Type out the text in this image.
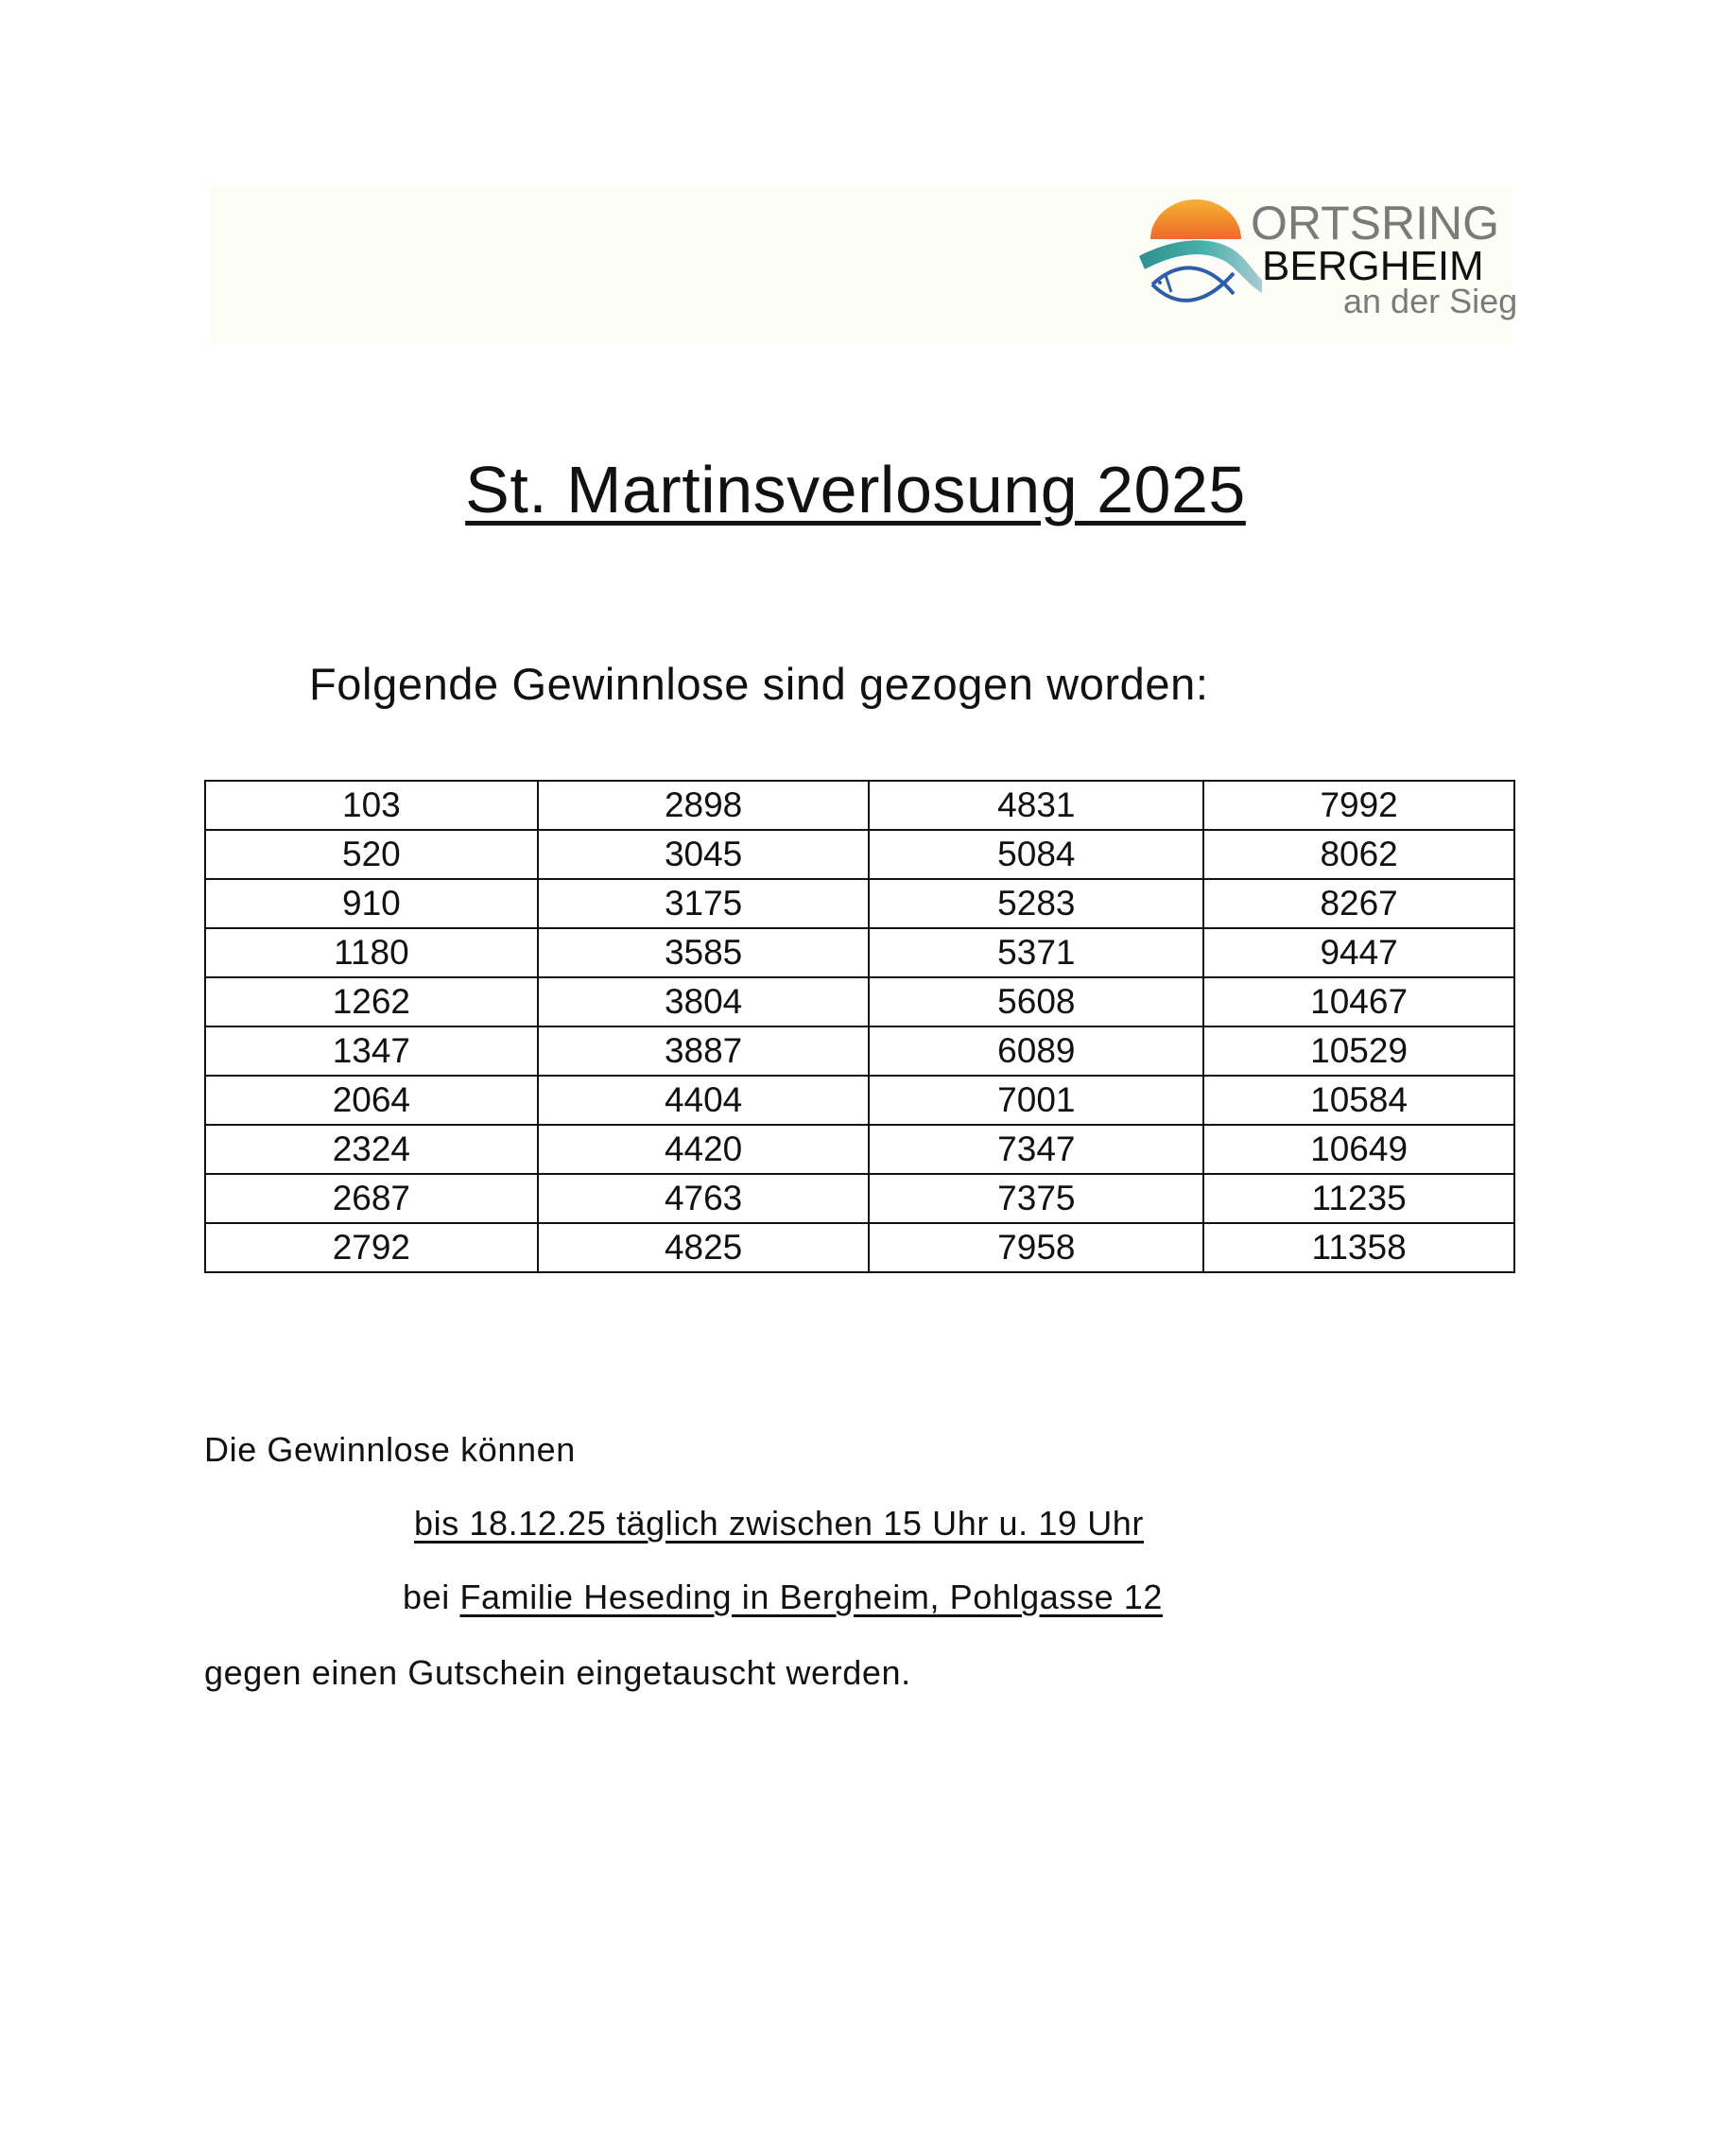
ORTSRING
BERGHEIM
an der Sieg
St. Martinsverlosung 2025
Folgende Gewinnlose sind gezogen worden:
103	2898	4831	7992
520	3045	5084	8062
910	3175	5283	8267
1180	3585	5371	9447
1262	3804	5608	10467
1347	3887	6089	10529
2064	4404	7001	10584
2324	4420	7347	10649
2687	4763	7375	11235
2792	4825	7958	11358
Die Gewinnlose können
bis 18.12.25 täglich zwischen 15 Uhr u. 19 Uhr
bei Familie Heseding in Bergheim, Pohlgasse 12
gegen einen Gutschein eingetauscht werden.
